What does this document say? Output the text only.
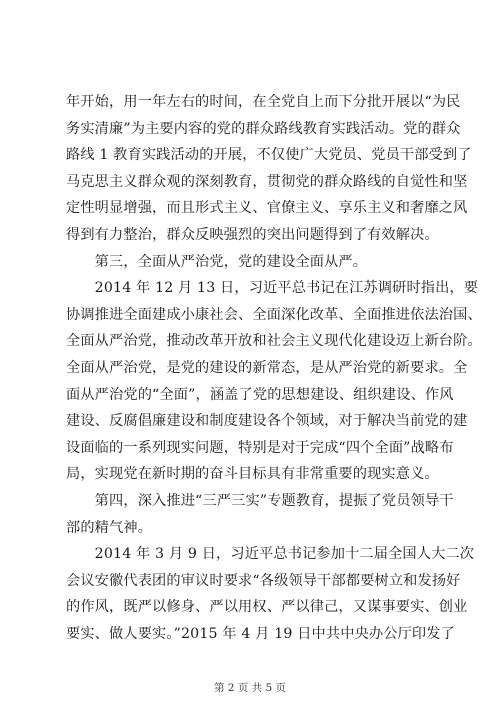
年开始，用一年左右的时间，在全党自上而下分批开展以“为民
务实清廉”为主要内容的党的群众路线教育实践活动。党的群众
路线 1 教育实践活动的开展，不仅使广大党员、党员干部受到了
马克思主义群众观的深刻教育，贯彻党的群众路线的自觉性和坚
定性明显增强，而且形式主义、官僚主义、享乐主义和奢靡之风
得到有力整治，群众反映强烈的突出问题得到了有效解决。
　　第三，全面从严治党，党的建设全面从严。
　　2014 年 12 月 13 日，习近平总书记在江苏调研时指出，要
协调推进全面建成小康社会、全面深化改革、全面推进依法治国、
全面从严治党，推动改革开放和社会主义现代化建设迈上新台阶。
全面从严治党，是党的建设的新常态，是从严治党的新要求。全
面从严治党的“全面”，涵盖了党的思想建设、组织建设、作风
建设、反腐倡廉建设和制度建设各个领域，对于解决当前党的建
设面临的一系列现实问题，特别是对于完成“四个全面”战略布
局，实现党在新时期的奋斗目标具有非常重要的现实意义。
　　第四，深入推进“三严三实”专题教育，提振了党员领导干
部的精气神。
　　2014 年 3 月 9 日，习近平总书记参加十二届全国人大二次
会议安徽代表团的审议时要求“各级领导干部都要树立和发扬好
的作风，既严以修身、严以用权、严以律己，又谋事要实、创业
要实、做人要实。”2015 年 4 月 19 日中共中央办公厅印发了
第 2 页 共 5 页
